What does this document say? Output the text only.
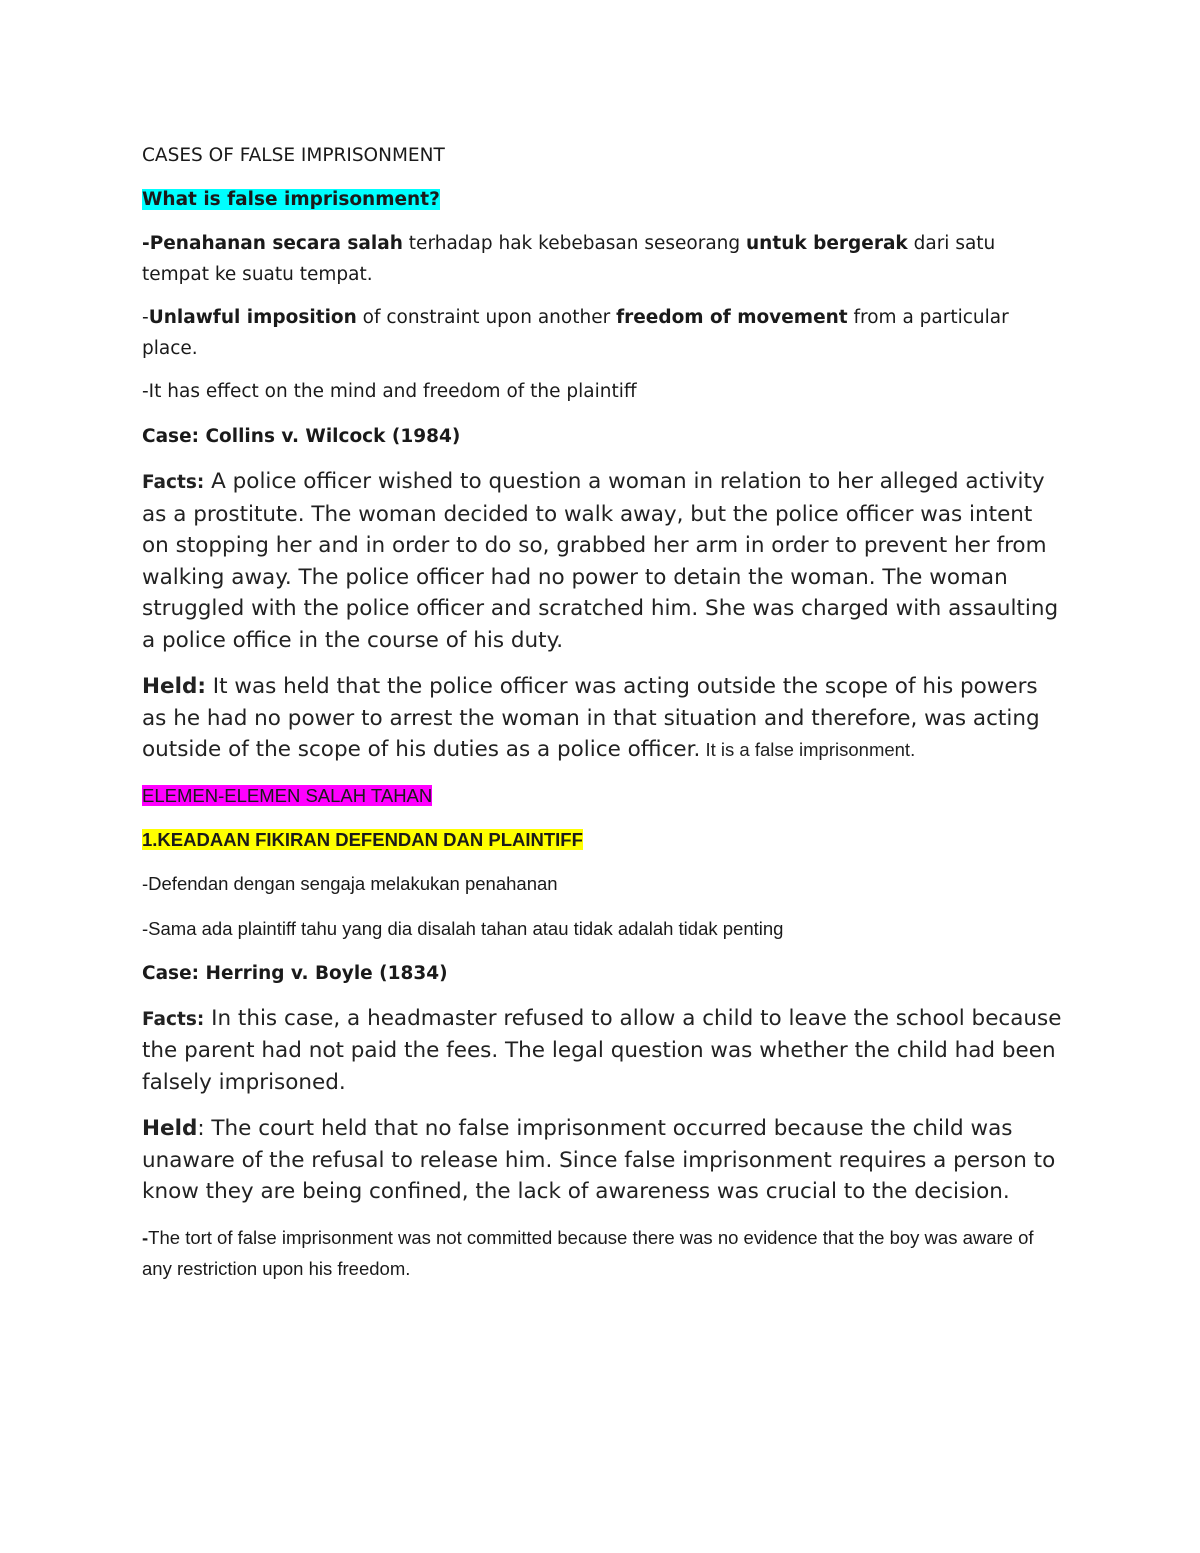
CASES OF FALSE IMPRISONMENT

What is false imprisonment?

-Penahanan secara salah terhadap hak kebebasan seseorang untuk bergerak dari satu tempat ke suatu tempat.

-Unlawful imposition of constraint upon another freedom of movement from a particular place.

-It has effect on the mind and freedom of the plaintiff

Case: Collins v. Wilcock (1984)

Facts: A police officer wished to question a woman in relation to her alleged activity as a prostitute. The woman decided to walk away, but the police officer was intent on stopping her and in order to do so, grabbed her arm in order to prevent her from walking away. The police officer had no power to detain the woman. The woman struggled with the police officer and scratched him. She was charged with assaulting a police office in the course of his duty.

Held: It was held that the police officer was acting outside the scope of his powers as he had no power to arrest the woman in that situation and therefore, was acting outside of the scope of his duties as a police officer. It is a false imprisonment.

ELEMEN-ELEMEN SALAH TAHAN

1.KEADAAN FIKIRAN DEFENDAN DAN PLAINTIFF

-Defendan dengan sengaja melakukan penahanan

-Sama ada plaintiff tahu yang dia disalah tahan atau tidak adalah tidak penting

Case: Herring v. Boyle (1834)

Facts: In this case, a headmaster refused to allow a child to leave the school because the parent had not paid the fees. The legal question was whether the child had been falsely imprisoned.

Held: The court held that no false imprisonment occurred because the child was unaware of the refusal to release him. Since false imprisonment requires a person to know they are being confined, the lack of awareness was crucial to the decision.

-The tort of false imprisonment was not committed because there was no evidence that the boy was aware of any restriction upon his freedom.
